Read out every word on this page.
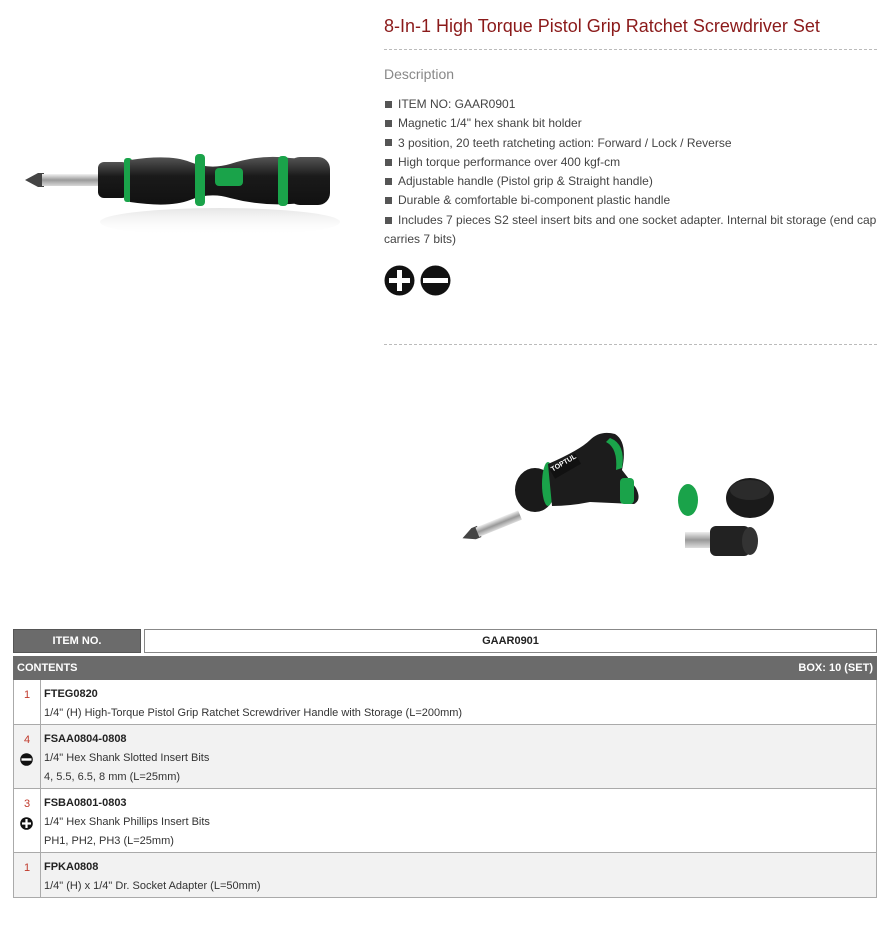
8-In-1 High Torque Pistol Grip Ratchet Screwdriver Set
Description
ITEM NO: GAAR0901
Magnetic 1/4" hex shank bit holder
3 position, 20 teeth ratcheting action: Forward / Lock / Reverse
High torque performance over 400 kgf-cm
Adjustable handle (Pistol grip & Straight handle)
Durable & comfortable bi-component plastic handle
Includes 7 pieces S2 steel insert bits and one socket adapter. Internal bit storage (end cap carries 7 bits)

TOPTUL
ITEM NO.	GAAR0901
CONTENTS	BOX: 10 (SET)
1	FTEG0820
1/4" (H) High-Torque Pistol Grip Ratchet Screwdriver Handle with Storage (L=200mm)
4	FSAA0804-0808
1/4" Hex Shank Slotted Insert Bits
4, 5.5, 6.5, 8 mm (L=25mm)
3	FSBA0801-0803
1/4" Hex Shank Phillips Insert Bits
PH1, PH2, PH3 (L=25mm)
1	FPKA0808
1/4" (H) x 1/4" Dr. Socket Adapter (L=50mm)
